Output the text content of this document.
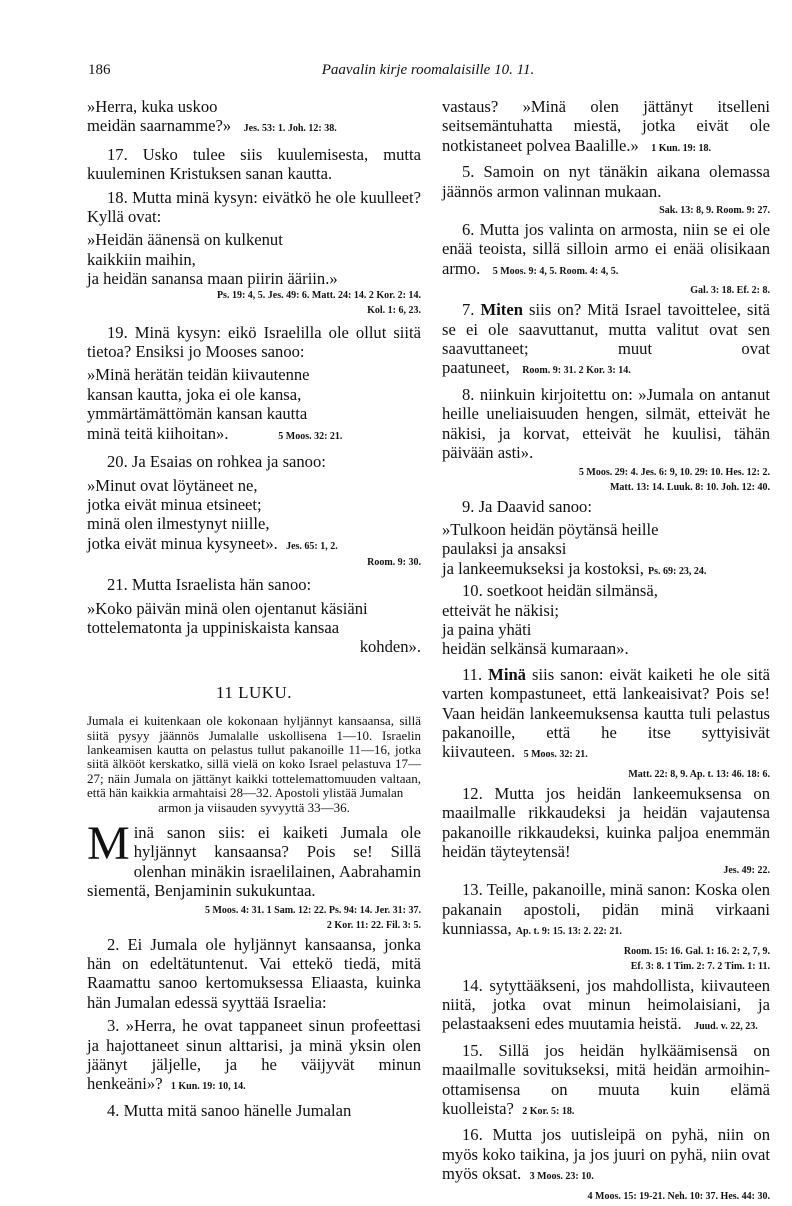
186	Paavalin kirje roomalaisille 10. 11.
»Herra, kuka uskoo
meidän saarnamme?» Jes. 53: 1. Joh. 12: 38.

17. Usko tulee siis kuulemisesta, mutta kuuleminen Kristuksen sanan kautta.

18. Mutta minä kysyn: eivätkö he ole kuulleet? Kyllä ovat:

»Heidän äänensä on kulkenut
kaikkiin maihin,
ja heidän sanansa maan piirin ääriin.»
Ps. 19: 4, 5. Jes. 49: 6. Matt. 24: 14. 2 Kor. 2: 14.
Kol. 1: 6, 23.

19. Minä kysyn: eikö Israelilla ole ollut siitä tietoa? Ensiksi jo Mooses sanoo:

»Minä herätän teidän kiivautenne
kansan kautta, joka ei ole kansa,
ymmärtämättömän kansan kautta
minä teitä kiihoitan».	5 Moos. 32: 21.

20. Ja Esaias on rohkea ja sanoo:

»Minut ovat löytäneet ne,
jotka eivät minua etsineet;
minä olen ilmestynyt niille,
jotka eivät minua kysyneet». Jes. 65: 1, 2.
Room. 9: 30.

21. Mutta Israelista hän sanoo:

»Koko päivän minä olen ojentanut käsiäni
tottelematonta ja uppiniskaista kansaa
kohden».
11 LUKU.
Jumala ei kuitenkaan ole kokonaan hyljännyt kansaansa, sillä siitä pysyy jäännös Jumalalle uskollisena 1—10. Israelin lankeamisen kautta on pelastus tullut pakanoille 11—16, jotka siitä älkööt kerskatko, sillä vielä on koko Israel pelastuva 17—27; näin Jumala on jättänyt kaikki tottelemattomuuden valtaan, että hän kaikkia armahtaisi 28—32. Apostoli ylistää Jumalan
armon ja viisauden syvyyttä 33—36.
M inä sanon siis: ei kaiketi Jumala ole hyljännyt kansaansa? Pois se! Sillä olenhan minäkin israelilainen, Aabrahamin siementä, Benjaminin sukukuntaa.

5 Moos. 4: 31. 1 Sam. 12: 22. Ps. 94: 14. Jer. 31: 37.
2 Kor. 11: 22. Fil. 3: 5.

2. Ei Jumala ole hyljännyt kansaansa, jonka hän on edeltätuntenut. Vai ettekö tiedä, mitä Raamattu sanoo kertomuksessa Eliaasta, kuinka hän Jumalan edessä syyttää Israelia:

3. »Herra, he ovat tappaneet sinun profeettasi ja hajottaneet sinun alttarisi, ja minä yksin olen jäänyt jäljelle, ja he väijyvät minun henkeäni»? 1 Kun. 19: 10, 14.

4. Mutta mitä sanoo hänelle Jumalan

vastaus? »Minä olen jättänyt itselleni seitsemäntuhatta miestä, jotka eivät ole notkistaneet polvea Baalille.» 1 Kun. 19: 18.

5. Samoin on nyt tänäkin aikana olemassa jäännös armon valinnan mukaan.

Sak. 13: 8, 9. Room. 9: 27.

6. Mutta jos valinta on armosta, niin se ei ole enää teoista, sillä silloin armo ei enää olisikaan armo. 5 Moos. 9: 4, 5. Room. 4: 4, 5.

Gal. 3: 18. Ef. 2: 8.

7. Miten siis on? Mitä Israel tavoittelee, sitä se ei ole saavuttanut, mutta valitut ovat sen saavuttaneet; muut ovat paatuneet, Room. 9: 31. 2 Kor. 3: 14.

8. niinkuin kirjoitettu on: »Jumala on antanut heille uneliaisuuden hengen, silmät, etteivät he näkisi, ja korvat, etteivät he kuulisi, tähän päivään asti».

5 Moos. 29: 4. Jes. 6: 9, 10. 29: 10. Hes. 12: 2.
Matt. 13: 14. Luuk. 8: 10. Joh. 12: 40.

9. Ja Daavid sanoo:

»Tulkoon heidän pöytänsä heille
paulaksi ja ansaksi
ja lankeemukseksi ja kostoksi, Ps. 69: 23, 24.
10. soetkoot heidän silmänsä,
etteivät he näkisi;
ja paina yhäti
heidän selkänsä kumaraan».

11. Minä siis sanon: eivät kaiketi he ole sitä varten kompastuneet, että lankeaisivat? Pois se! Vaan heidän lankeemuksensa kautta tuli pelastus pakanoille, että he itse syttyisivät kiivauteen. 5 Moos. 32: 21.

Matt. 22: 8, 9. Ap. t. 13: 46. 18: 6.

12. Mutta jos heidän lankeemuksensa on maailmalle rikkaudeksi ja heidän vajautensa pakanoille rikkaudeksi, kuinka paljoa enemmän heidän täyteytensä!

Jes. 49: 22.

13. Teille, pakanoille, minä sanon: Koska olen pakanain apostoli, pidän minä virkaani kunniassa, Ap. t. 9: 15. 13: 2. 22: 21.

Room. 15: 16. Gal. 1: 16. 2: 2, 7, 9.
Ef. 3: 8. 1 Tim. 2: 7. 2 Tim. 1: 11.

14. sytyttääkseni, jos mahdollista, kiivauteen niitä, jotka ovat minun heimolaisiani, ja pelastaakseni edes muutamia heistä. Juud. v. 22, 23.

15. Sillä jos heidän hylkäämisensä on maailmalle sovitukseksi, mitä heidän armoihin-ottamisensa on muuta kuin elämä kuolleista? 2 Kor. 5: 18.

16. Mutta jos uutisleipä on pyhä, niin on myös koko taikina, ja jos juuri on pyhä, niin ovat myös oksat. 3 Moos. 23: 10.

4 Moos. 15: 19-21. Neh. 10: 37. Hes. 44: 30.
